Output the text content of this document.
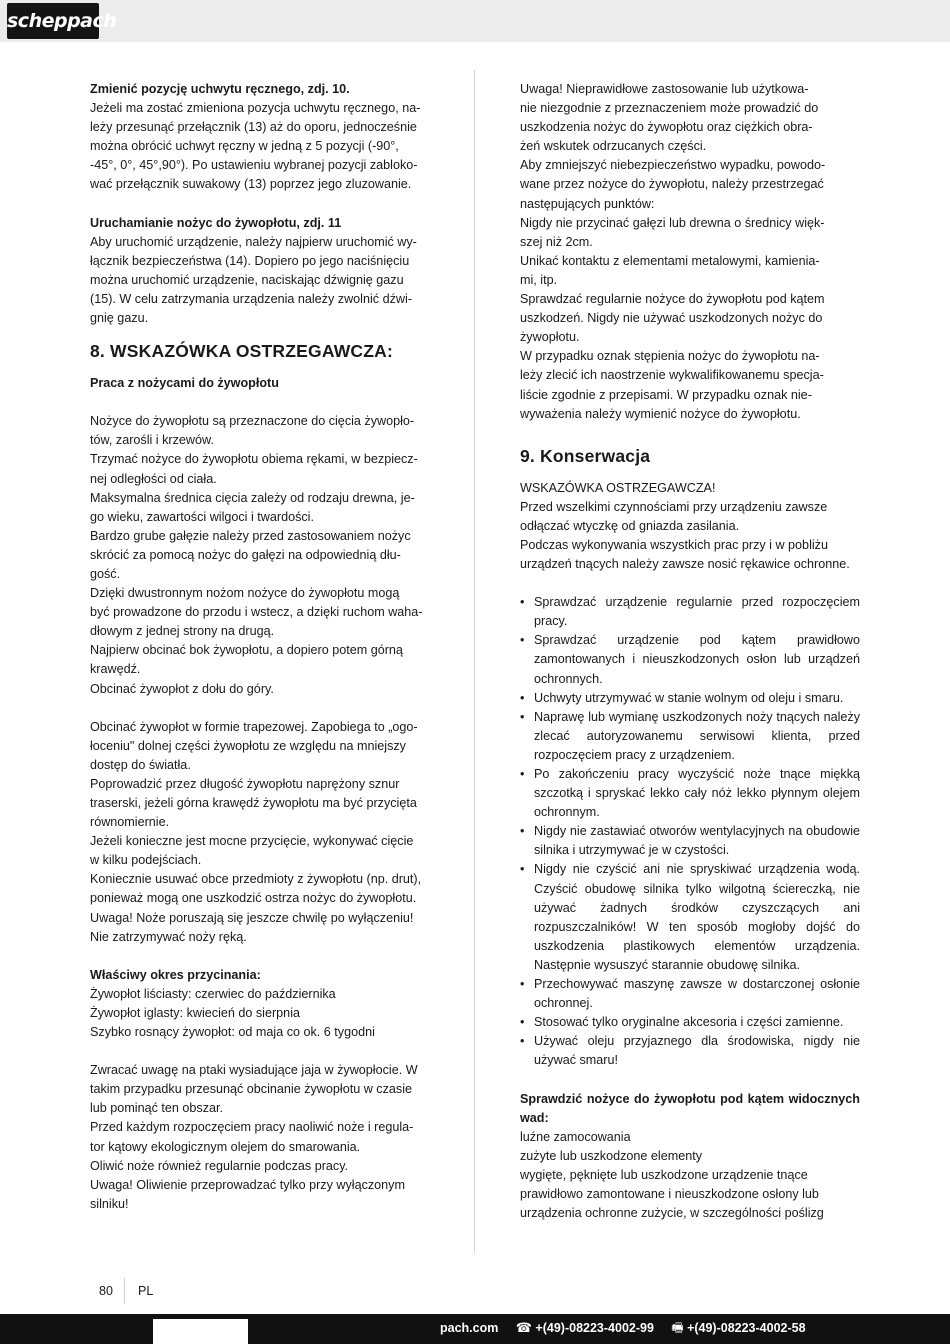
scheppach

Zmienić pozycję uchwytu ręcznego, zdj. 10.

Jeżeli ma zostać zmieniona pozycja uchwytu ręcznego, na-

leży przesunąć przełącznik (13) aż do oporu, jednocześnie

można obrócić uchwyt ręczny w jedną z 5 pozycji (-90°,

-45°, 0°, 45°,90°). Po ustawieniu wybranej pozycji zabloko-

wać przełącznik suwakowy (13) poprzez jego zluzowanie.

Uruchamianie nożyc do żywopłotu, zdj. 11

Aby uruchomić urządzenie, należy najpierw uruchomić wy-

łącznik bezpieczeństwa (14). Dopiero po jego naciśnięciu

można uruchomić urządzenie, naciskając dźwignię gazu

(15). W celu zatrzymania urządzenia należy zwolnić dźwi-

gnię gazu.

8. WSKAZÓWKA OSTRZEGAWCZA:

Praca z nożycami do żywopłotu

Nożyce do żywopłotu są przeznaczone do cięcia żywopło-

tów, zarośli i krzewów.

Trzymać nożyce do żywopłotu obiema rękami, w bezpiecz-

nej odległości od ciała.

Maksymalna średnica cięcia zależy od rodzaju drewna, je-

go wieku, zawartości wilgoci i twardości.

Bardzo grube gałęzie należy przed zastosowaniem nożyc

skrócić za pomocą nożyc do gałęzi na odpowiednią dłu-

gość.

Dzięki dwustronnym nożom nożyce do żywopłotu mogą

być prowadzone do przodu i wstecz, a dzięki ruchom waha-

dłowym z jednej strony na drugą.

Najpierw obcinać bok żywopłotu, a dopiero potem górną

krawędź.

Obcinać żywopłot z dołu do góry.

Obcinać żywopłot w formie trapezowej. Zapobiega to „ogo-

łoceniu" dolnej części żywopłotu ze względu na mniejszy

dostęp do światła.

Poprowadzić przez długość żywopłotu naprężony sznur

traserski, jeżeli górna krawędź żywopłotu ma być przycięta

równomiernie.

Jeżeli konieczne jest mocne przycięcie, wykonywać cięcie

w kilku podejściach.

Koniecznie usuwać obce przedmioty z żywopłotu (np. drut),

ponieważ mogą one uszkodzić ostrza nożyc do żywopłotu.

Uwaga! Noże poruszają się jeszcze chwilę po wyłączeniu!

Nie zatrzymywać noży ręką.

Właściwy okres przycinania:

Żywopłot liściasty: czerwiec do października

Żywopłot iglasty: kwiecień do sierpnia

Szybko rosnący żywopłot: od maja co ok. 6 tygodni

Zwracać uwagę na ptaki wysiadujące jaja w żywopłocie. W

takim przypadku przesunąć obcinanie żywopłotu w czasie

lub pominąć ten obszar.

Przed każdym rozpoczęciem pracy naoliwić noże i regula-

tor kątowy ekologicznym olejem do smarowania.

Oliwić noże również regularnie podczas pracy.

Uwaga! Oliwienie przeprowadzać tylko przy wyłączonym

silniku!

Uwaga! Nieprawidłowe zastosowanie lub użytkowa-

nie niezgodnie z przeznaczeniem może prowadzić do

uszkodzenia nożyc do żywopłotu oraz ciężkich obra-

żeń wskutek odrzucanych części.

Aby zmniejszyć niebezpieczeństwo wypadku, powodo-

wane przez nożyce do żywopłotu, należy przestrzegać

następujących punktów:

Nigdy nie przycinać gałęzi lub drewna o średnicy więk-

szej niż 2cm.

Unikać kontaktu z elementami metalowymi, kamienia-

mi, itp.

Sprawdzać regularnie nożyce do żywopłotu pod kątem

uszkodzeń. Nigdy nie używać uszkodzonych nożyc do

żywopłotu.

W przypadku oznak stępienia nożyc do żywopłotu na-

leży zlecić ich naostrzenie wykwalifikowanemu specja-

liście zgodnie z przepisami. W przypadku oznak nie-

wyważenia należy wymienić nożyce do żywopłotu.

9. Konserwacja

WSKAZÓWKA OSTRZEGAWCZA!

Przed wszelkimi czynnościami przy urządzeniu zawsze

odłączać wtyczkę od gniazda zasilania.

Podczas wykonywania wszystkich prac przy i w pobliżu

urządzeń tnących należy zawsze nosić rękawice ochronne.

• Sprawdzać urządzenie regularnie przed rozpoczęciem pracy.
• Sprawdzać urządzenie pod kątem prawidłowo zamontowanych i nieuszkodzonych osłon lub urządzeń ochronnych.
• Uchwyty utrzymywać w stanie wolnym od oleju i smaru.
• Naprawę lub wymianę uszkodzonych noży tnących należy zlecać autoryzowanemu serwisowi klienta, przed rozpoczęciem pracy z urządzeniem.
• Po zakończeniu pracy wyczyścić noże tnące miękką szczotką i spryskać lekko cały nóż lekko płynnym olejem ochronnym.
• Nigdy nie zastawiać otworów wentylacyjnych na obudowie silnika i utrzymywać je w czystości.
• Nigdy nie czyścić ani nie spryskiwać urządzenia wodą. Czyścić obudowę silnika tylko wilgotną ściereczką, nie używać żadnych środków czyszczących ani rozpuszczalników! W ten sposób mogłoby dojść do uszkodzenia plastikowych elementów urządzenia. Następnie wysuszyć starannie obudowę silnika.
• Przechowywać maszynę zawsze w dostarczonej osłonie ochronnej.
• Stosować tylko oryginalne akcesoria i części zamienne.
• Używać oleju przyjaznego dla środowiska, nigdy nie używać smaru!

Sprawdzić nożyce do żywopłotu pod kątem widocznych wad:

luźne zamocowania

zużyte lub uszkodzone elementy

wygięte, pęknięte lub uszkodzone urządzenie tnące

prawidłowo zamontowane i nieuszkodzone osłony lub

urządzenia ochronne zużycie, w szczególności poślizg

80 PL
pach.com ☎ +(49)-08223-4002-99 🖷 +(49)-08223-4002-58
